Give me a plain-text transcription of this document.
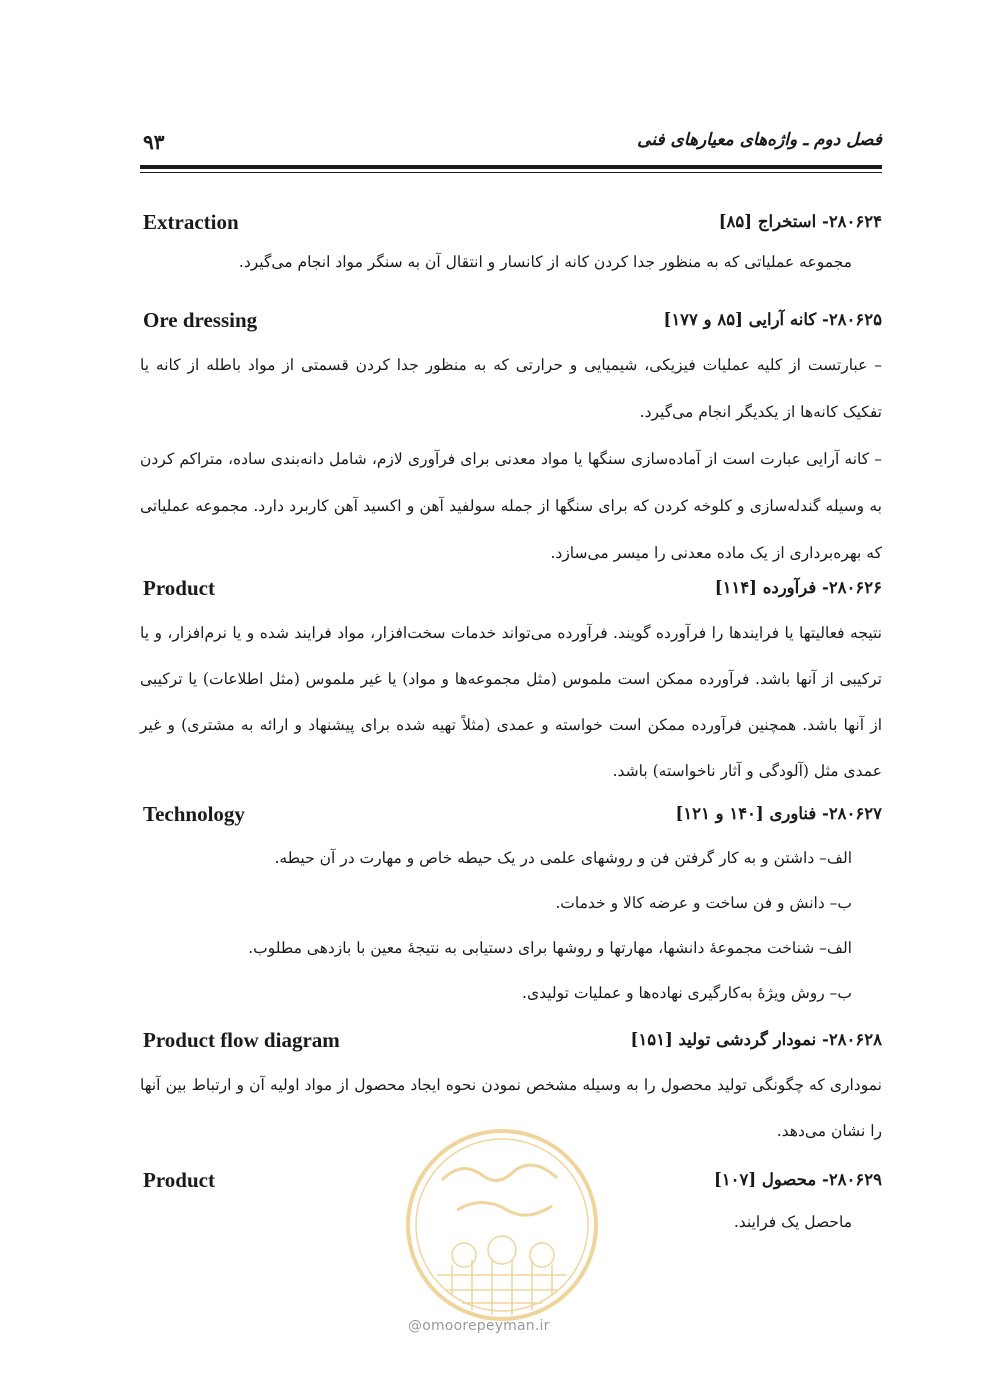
فصل دوم ـ واژه‌های معیارهای فنی
۹۳
۲۸۰۶۲۴- استخراج [۸۵]
Extraction

مجموعه عملیاتی که به منظور جدا کردن کانه از کانسار و انتقال آن به سنگر مواد انجام می‌گیرد.

۲۸۰۶۲۵- کانه آرایی [۸۵ و ۱۷۷]
Ore dressing

– عبارتست از کلیه عملیات فیزیکی، شیمیایی و حرارتی که به منظور جدا کردن قسمتی از مواد باطله از کانه یا تفکیک کانه‌ها از یکدیگر انجام می‌گیرد.

– کانه آرایی عبارت است از آماده‌سازی سنگها یا مواد معدنی برای فرآوری لازم، شامل دانه‌بندی ساده، متراکم کردن به وسیله گندله‌سازی و کلوخه کردن که برای سنگها از جمله سولفید آهن و اکسید آهن کاربرد دارد. مجموعه عملیاتی که بهره‌برداری از یک ماده معدنی را میسر می‌سازد.

۲۸۰۶۲۶- فرآورده [۱۱۴]
Product

نتیجه فعالیتها یا فرایندها را فرآورده گویند. فرآورده می‌تواند خدمات سخت‌افزار، مواد فرایند شده و یا نرم‌افزار، و یا ترکیبی از آنها باشد. فرآورده ممکن است ملموس (مثل مجموعه‌ها و مواد) یا غیر ملموس (مثل اطلاعات) یا ترکیبی از آنها باشد. همچنین فرآورده ممکن است خواسته و عمدی (مثلاً تهیه شده برای پیشنهاد و ارائه به مشتری) و غیر عمدی مثل (آلودگی و آثار ناخواسته) باشد.

۲۸۰۶۲۷- فناوری [۱۴۰ و ۱۲۱]
Technology

الف– داشتن و به کار گرفتن فن و روشهای علمی در یک حیطه خاص و مهارت در آن حیطه.

ب– دانش و فن ساخت و عرضه کالا و خدمات.

الف– شناخت مجموعهٔ دانشها، مهارتها و روشها برای دستیابی به نتیجهٔ معین با بازدهی مطلوب.

ب– روش ویژهٔ به‌کارگیری نهاده‌ها و عملیات تولیدی.

۲۸۰۶۲۸- نمودار گردشی تولید [۱۵۱]
Product flow diagram

نموداری که چگونگی تولید محصول را به وسیله مشخص نمودن نحوه ایجاد محصول از مواد اولیه آن و ارتباط بین آنها را نشان می‌دهد.

۲۸۰۶۲۹- محصول [۱۰۷]
Product

ماحصل یک فرایند.

@omoorepeyman.ir
